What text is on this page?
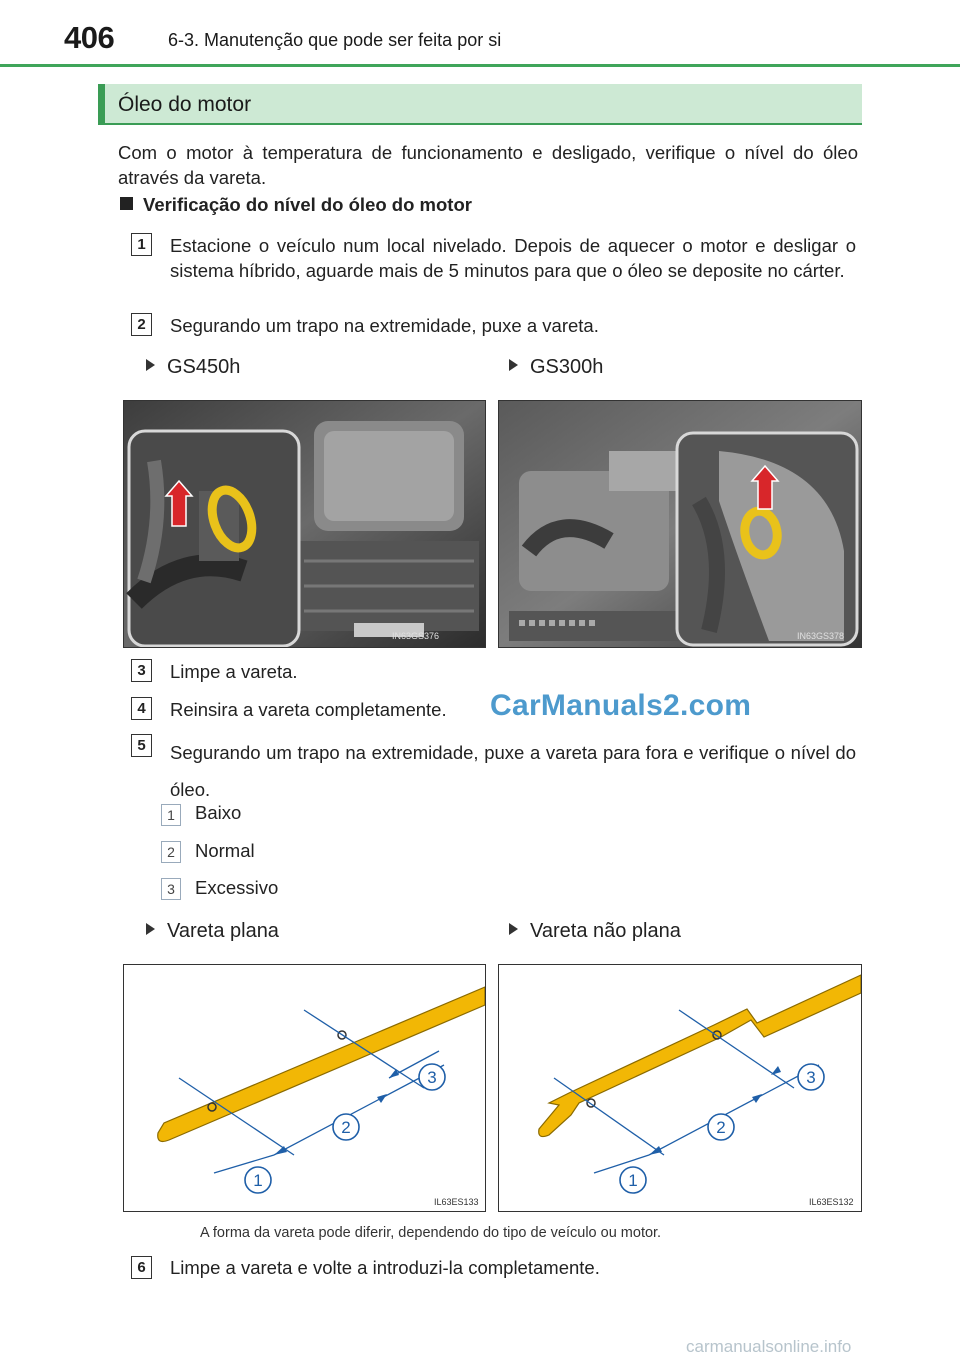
406	6-3. Manutenção que pode ser feita por si
Óleo do motor
Com o motor à temperatura de funcionamento e desligado, verifique o nível do óleo através da vareta.
Verificação do nível do óleo do motor
1	Estacione o veículo num local nivelado. Depois de aquecer o motor e desligar o sistema híbrido, aguarde mais de 5 minutos para que o óleo se deposite no cárter.
2	Segurando um trapo na extremidade, puxe a vareta.
GS450h	GS300h
IN63GS376	IN63GS378
3	Limpe a vareta.
4	Reinsira a vareta completamente. CarManuals2.com
5	Segurando um trapo na extremidade, puxe a vareta para fora e verifique o nível do óleo.
1	Baixo
2	Normal
3	Excessivo
Vareta plana	Vareta não plana
1
2
3
IL63ES133
1
2
3
IL63ES132
A forma da vareta pode diferir, dependendo do tipo de veículo ou motor.
6	Limpe a vareta e volte a introduzi-la completamente.
carmanualsonline.info
